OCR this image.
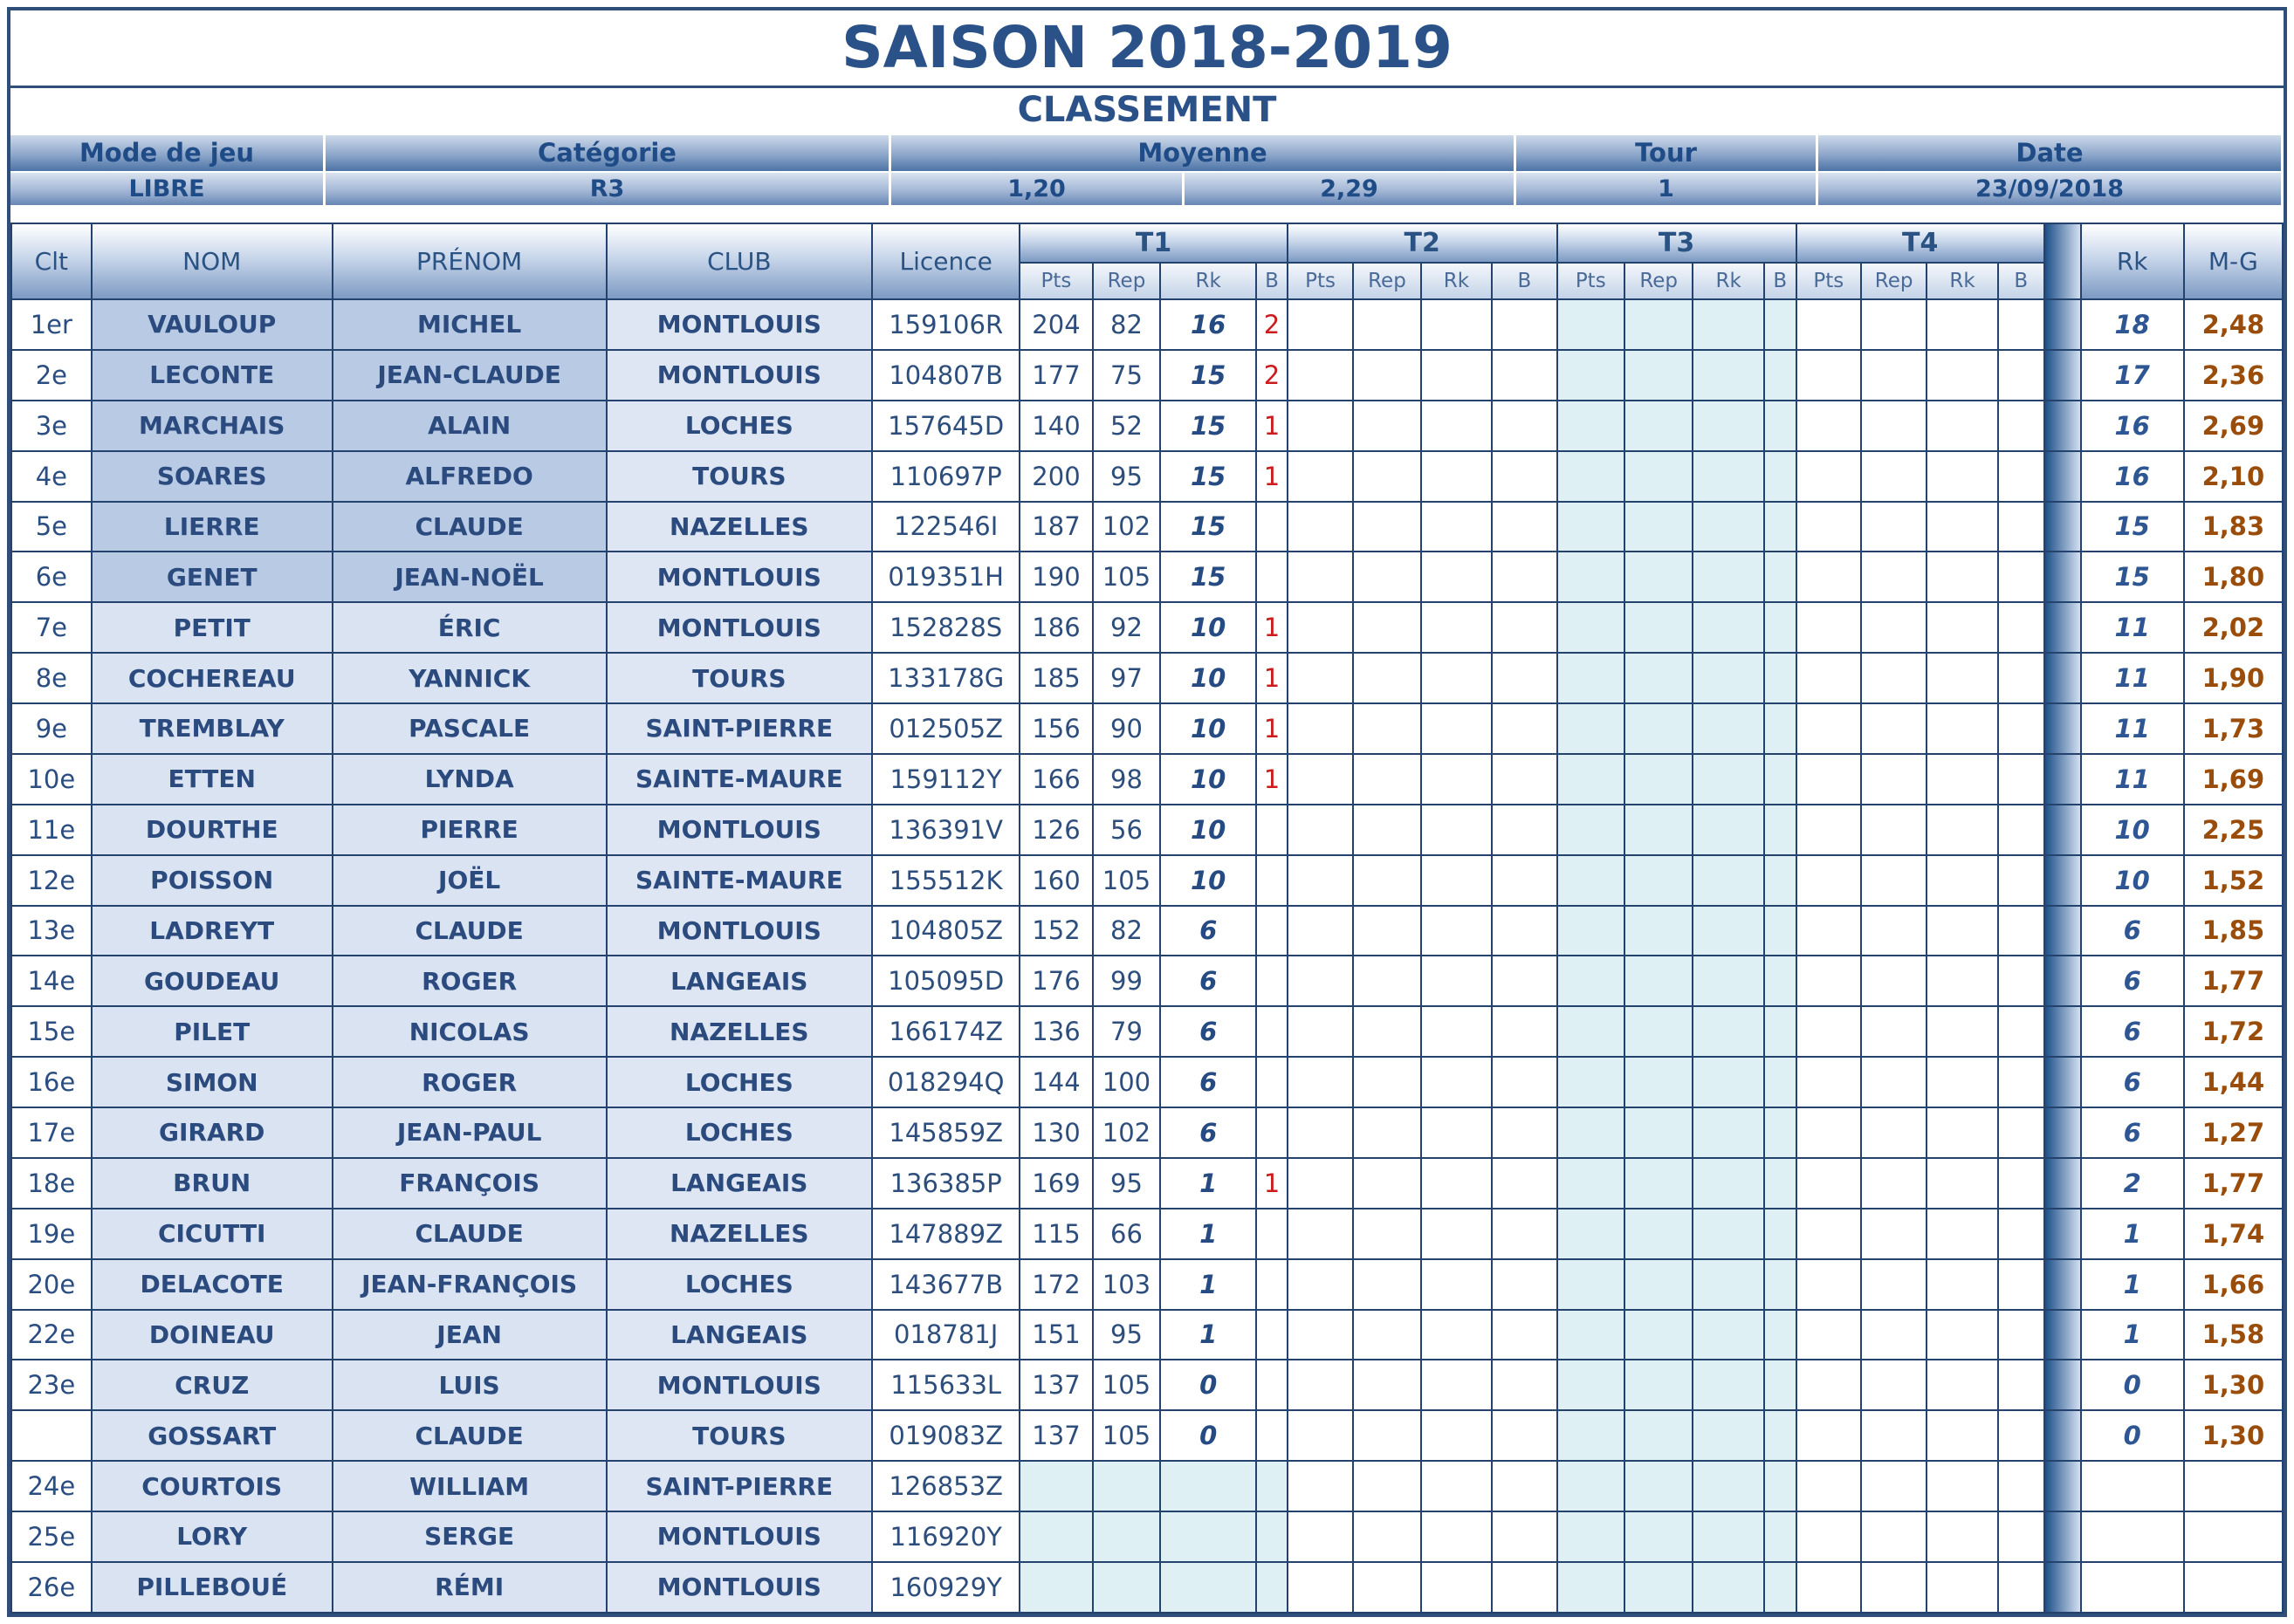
SAISON 2018-2019
CLASSEMENT
Mode de jeu	Catégorie	Moyenne	Tour	Date
LIBRE	R3	1,20	2,29	1	23/09/2018
Clt	NOM	PRÉNOM	CLUB	Licence	T1				T2				T3				T4					Rk	M-G
					Pts	Rep	Rk	B	Pts	Rep	Rk	B	Pts	Rep	Rk	B	Pts	Rep	Rk	B			
1er	VAULOUP	MICHEL	MONTLOUIS	159106R	204	82	16	2														18	2,48
2e	LECONTE	JEAN-CLAUDE	MONTLOUIS	104807B	177	75	15	2														17	2,36
3e	MARCHAIS	ALAIN	LOCHES	157645D	140	52	15	1														16	2,69
4e	SOARES	ALFREDO	TOURS	110697P	200	95	15	1														16	2,10
5e	LIERRE	CLAUDE	NAZELLES	122546I	187	102	15															15	1,83
6e	GENET	JEAN-NOËL	MONTLOUIS	019351H	190	105	15															15	1,80
7e	PETIT	ÉRIC	MONTLOUIS	152828S	186	92	10	1														11	2,02
8e	COCHEREAU	YANNICK	TOURS	133178G	185	97	10	1														11	1,90
9e	TREMBLAY	PASCALE	SAINT-PIERRE	012505Z	156	90	10	1														11	1,73
10e	ETTEN	LYNDA	SAINTE-MAURE	159112Y	166	98	10	1														11	1,69
11e	DOURTHE	PIERRE	MONTLOUIS	136391V	126	56	10															10	2,25
12e	POISSON	JOËL	SAINTE-MAURE	155512K	160	105	10															10	1,52
13e	LADREYT	CLAUDE	MONTLOUIS	104805Z	152	82	6															6	1,85
14e	GOUDEAU	ROGER	LANGEAIS	105095D	176	99	6															6	1,77
15e	PILET	NICOLAS	NAZELLES	166174Z	136	79	6															6	1,72
16e	SIMON	ROGER	LOCHES	018294Q	144	100	6															6	1,44
17e	GIRARD	JEAN-PAUL	LOCHES	145859Z	130	102	6															6	1,27
18e	BRUN	FRANÇOIS	LANGEAIS	136385P	169	95	1	1														2	1,77
19e	CICUTTI	CLAUDE	NAZELLES	147889Z	115	66	1															1	1,74
20e	DELACOTE	JEAN-FRANÇOIS	LOCHES	143677B	172	103	1															1	1,66
22e	DOINEAU	JEAN	LANGEAIS	018781J	151	95	1															1	1,58
23e	CRUZ	LUIS	MONTLOUIS	115633L	137	105	0															0	1,30
	GOSSART	CLAUDE	TOURS	019083Z	137	105	0															0	1,30
24e	COURTOIS	WILLIAM	SAINT-PIERRE	126853Z																			
25e	LORY	SERGE	MONTLOUIS	116920Y																			
26e	PILLEBOUÉ	RÉMI	MONTLOUIS	160929Y																			
